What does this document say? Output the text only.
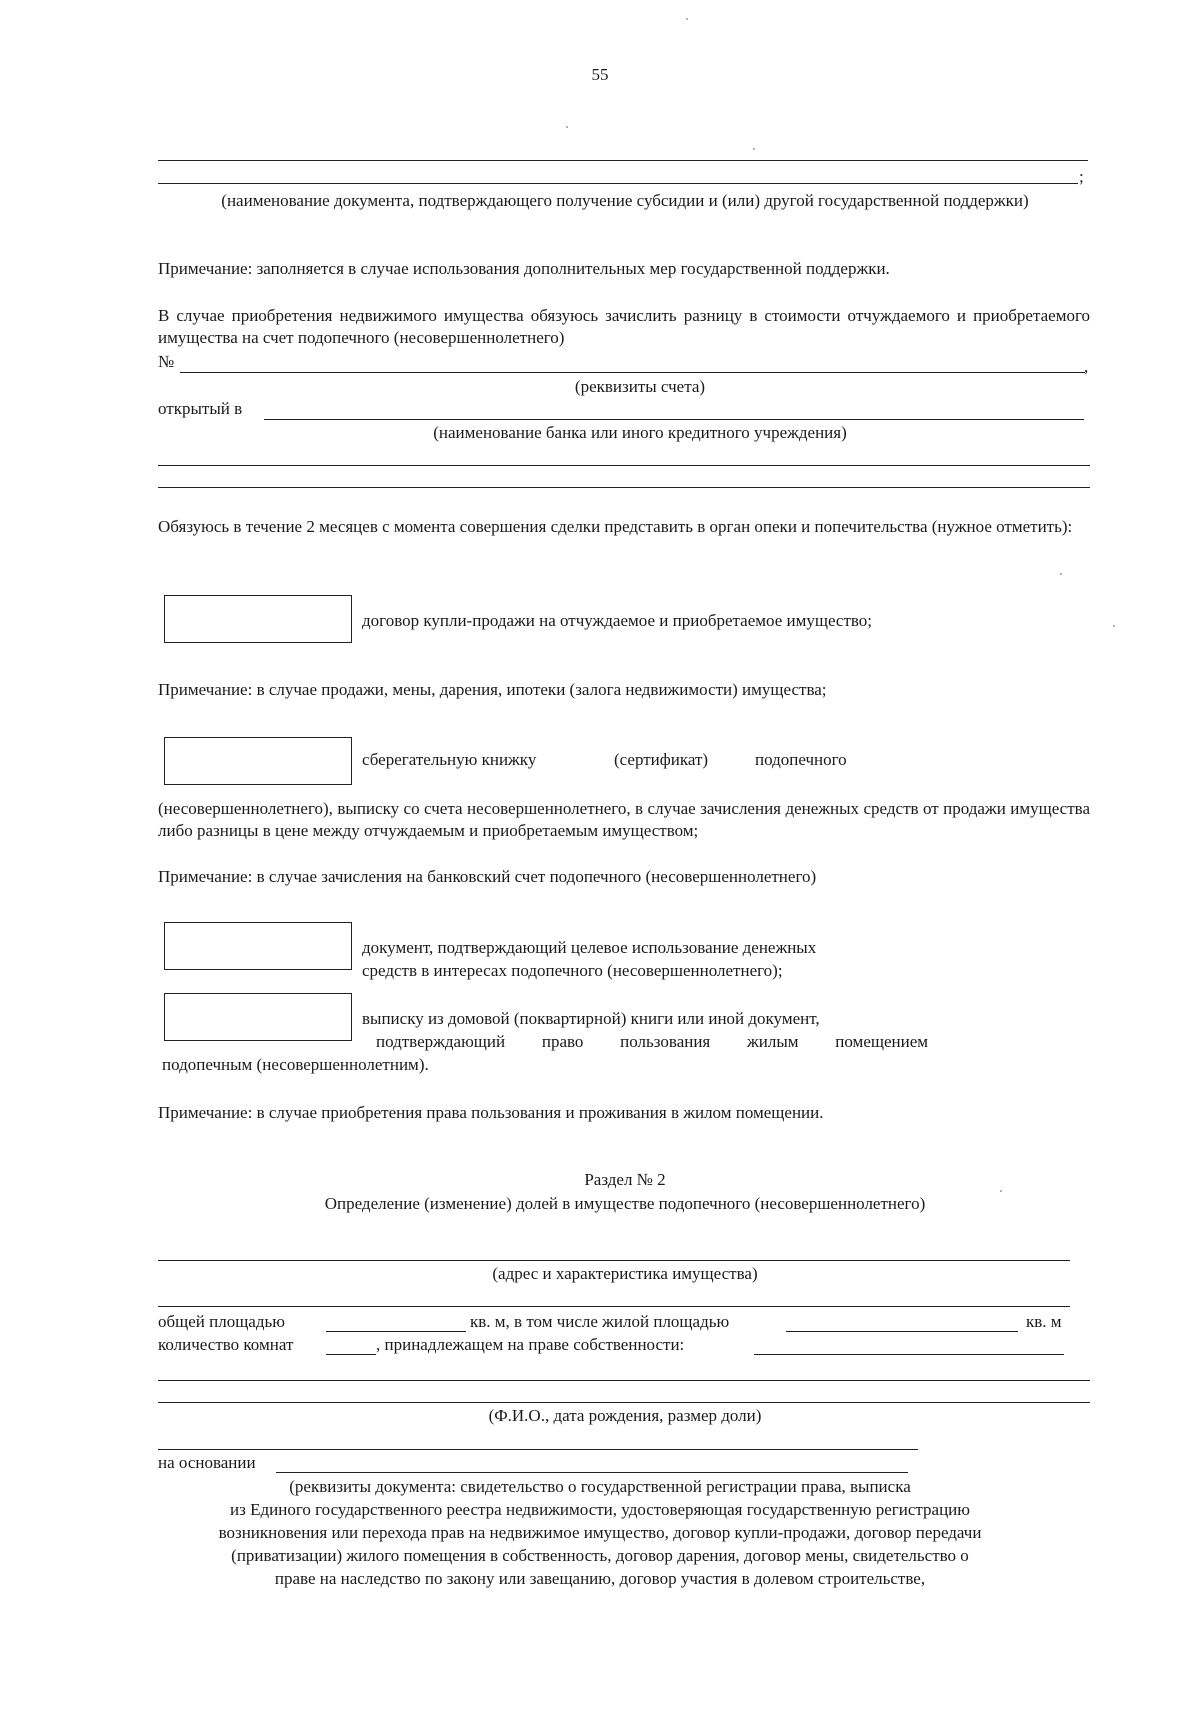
55
;
(наименование документа, подтверждающего получение субсидии и (или) другой государственной поддержки)
Примечание: заполняется в случае использования дополнительных мер государственной поддержки.
В случае приобретения недвижимого имущества обязуюсь зачислить разницу в стоимости отчуждаемого и приобретаемого имущества на счет подопечного (несовершеннолетнего)
№	,
(реквизиты счета)
открытый в
(наименование банка или иного кредитного учреждения)
Обязуюсь в течение 2 месяцев с момента совершения сделки представить в орган опеки и попечительства (нужное отметить):
договор купли-продажи на отчуждаемое и приобретаемое имущество;
Примечание: в случае продажи, мены, дарения, ипотеки (залога недвижимости) имущества;
сберегательную книжку	(сертификат)	подопечного
(несовершеннолетнего), выписку со счета несовершеннолетнего, в случае зачисления денежных средств от продажи имущества либо разницы в цене между отчуждаемым и приобретаемым имуществом;
Примечание: в случае зачисления на банковский счет подопечного (несовершеннолетнего)
документ, подтверждающий целевое использование денежных
средств в интересах подопечного (несовершеннолетнего);
выписку из домовой (поквартирной) книги или иной документ,
подтверждающий право пользования жилым помещением
подопечным (несовершеннолетним).
Примечание: в случае приобретения права пользования и проживания в жилом помещении.
Раздел № 2
Определение (изменение) долей в имуществе подопечного (несовершеннолетнего)
(адрес и характеристика имущества)
общей площадью	кв. м, в том числе жилой площадью	кв. м
количество комнат	, принадлежащем на праве собственности:
(Ф.И.О., дата рождения, размер доли)
на основании
(реквизиты документа: свидетельство о государственной регистрации права, выписка
из Единого государственного реестра недвижимости, удостоверяющая государственную регистрацию
возникновения или перехода прав на недвижимое имущество, договор купли-продажи, договор передачи
(приватизации) жилого помещения в собственность, договор дарения, договор мены, свидетельство о
праве на наследство по закону или завещанию, договор участия в долевом строительстве,
